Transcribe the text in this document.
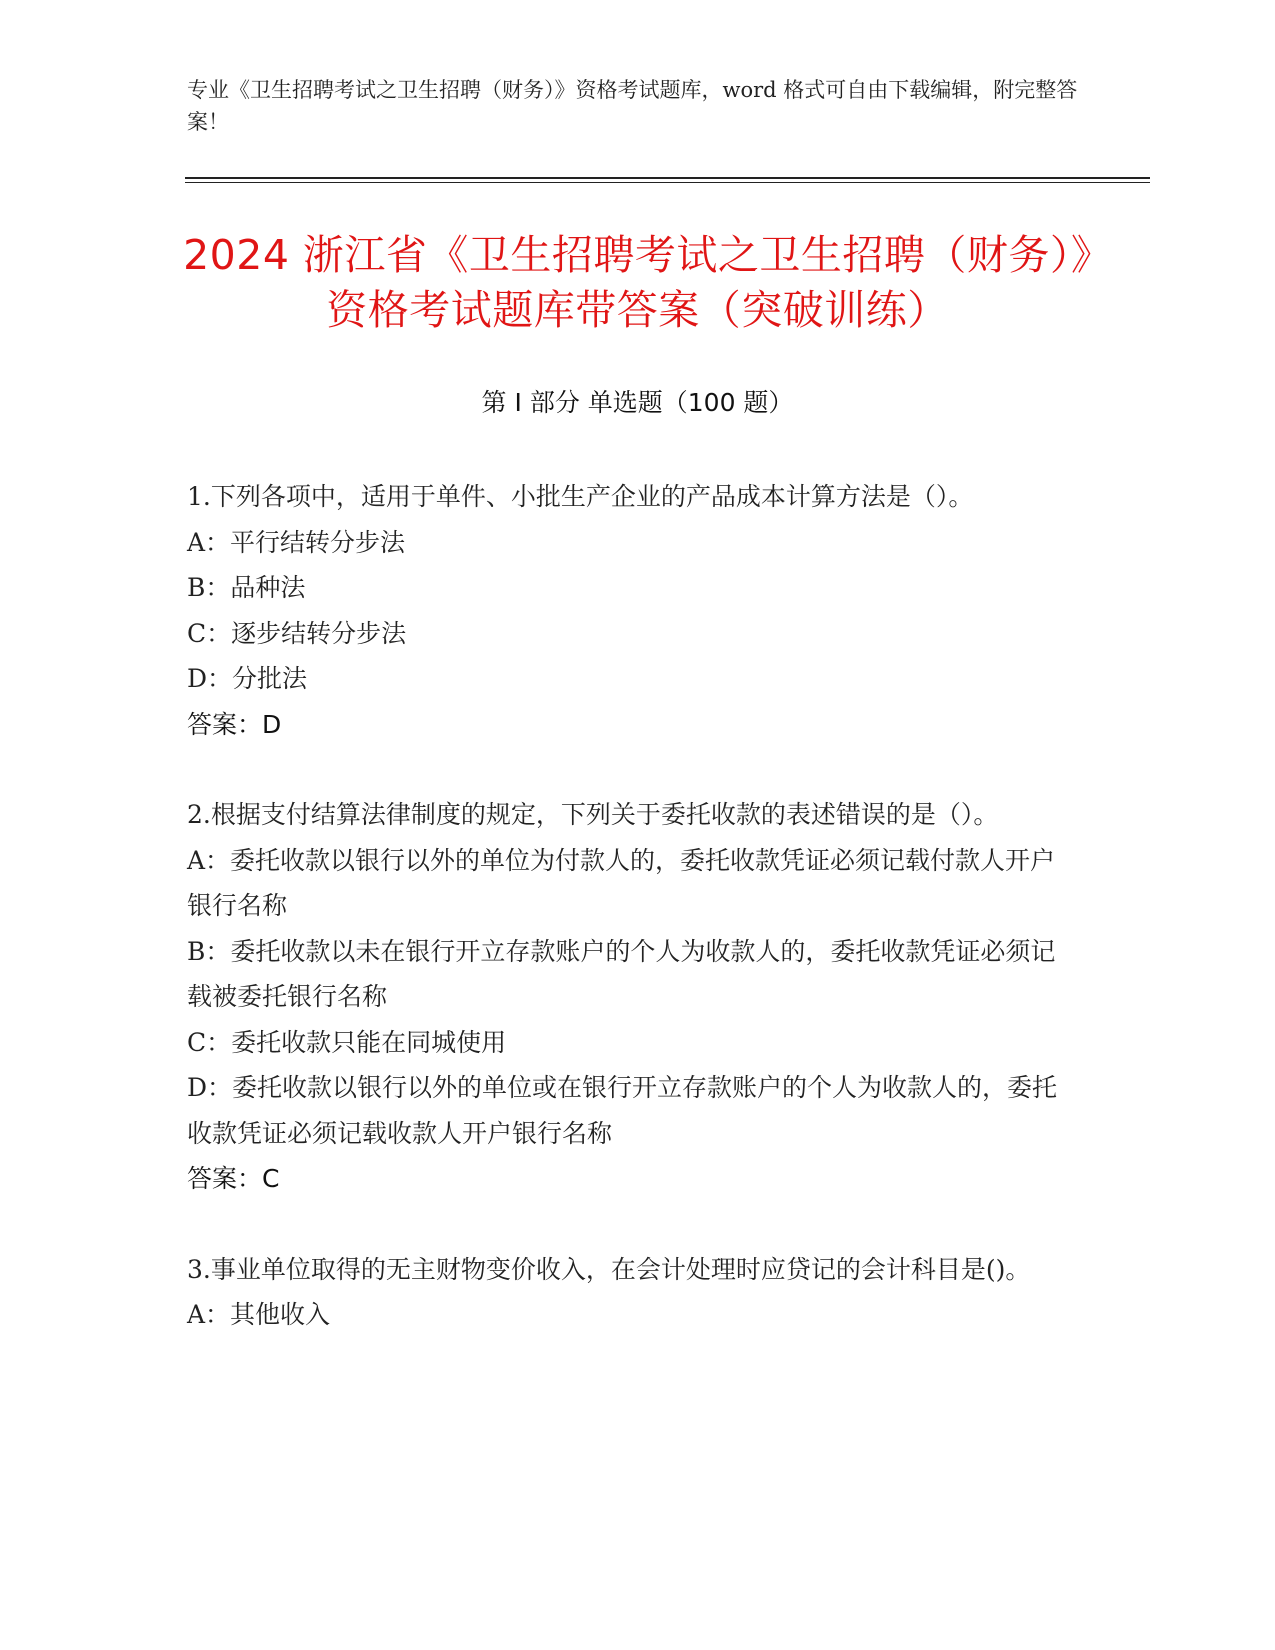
专业《卫生招聘考试之卫生招聘（财务）》资格考试题库，word 格式可自由下载编辑，附完整答案！
2024 浙江省《卫生招聘考试之卫生招聘（财务）》资格考试题库带答案（突破训练）
第 I 部分 单选题（100 题）

1.下列各项中，适用于单件、小批生产企业的产品成本计算方法是（）。

A：平行结转分步法

B：品种法

C：逐步结转分步法

D：分批法

答案：D

2.根据支付结算法律制度的规定，下列关于委托收款的表述错误的是（）。

A：委托收款以银行以外的单位为付款人的，委托收款凭证必须记载付款人开户银行名称

B：委托收款以未在银行开立存款账户的个人为收款人的，委托收款凭证必须记载被委托银行名称

C：委托收款只能在同城使用

D：委托收款以银行以外的单位或在银行开立存款账户的个人为收款人的，委托收款凭证必须记载收款人开户银行名称

答案：C

3.事业单位取得的无主财物变价收入，在会计处理时应贷记的会计科目是()。

A：其他收入
